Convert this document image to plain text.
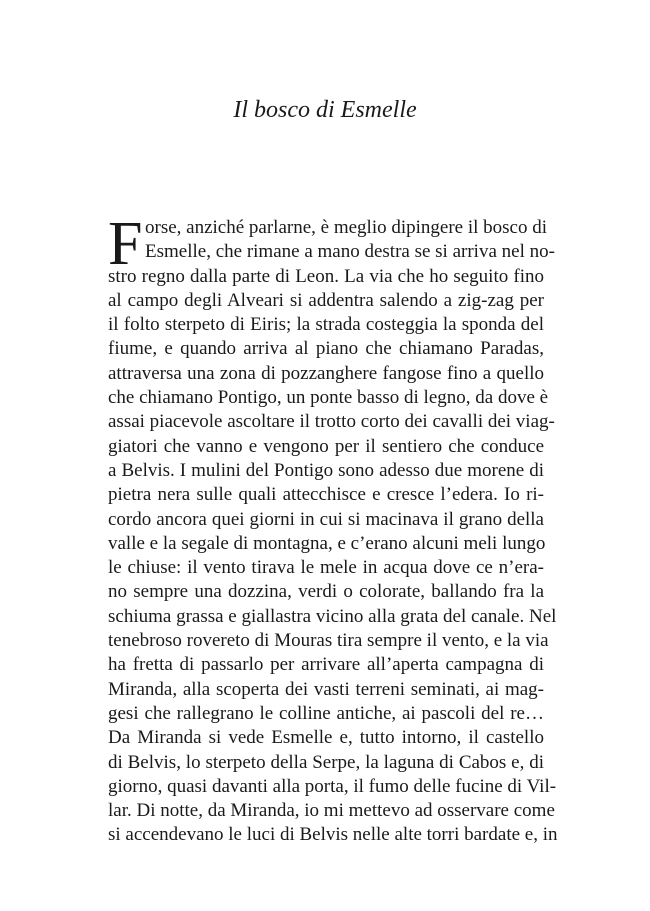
Il bosco di Esmelle
F orse, anziché parlarne, è meglio dipingere il bosco di
Esmelle, che rimane a mano destra se si arriva nel no-
stro regno dalla parte di Leon. La via che ho seguito fino
al campo degli Alveari si addentra salendo a zig-zag per
il folto sterpeto di Eiris; la strada costeggia la sponda del
fiume, e quando arriva al piano che chiamano Paradas,
attraversa una zona di pozzanghere fangose fino a quello
che chiamano Pontigo, un ponte basso di legno, da dove è
assai piacevole ascoltare il trotto corto dei cavalli dei viag-
giatori che vanno e vengono per il sentiero che conduce
a Belvis. I mulini del Pontigo sono adesso due morene di
pietra nera sulle quali attecchisce e cresce l’edera. Io ri-
cordo ancora quei giorni in cui si macinava il grano della
valle e la segale di montagna, e c’erano alcuni meli lungo
le chiuse: il vento tirava le mele in acqua dove ce n’era-
no sempre una dozzina, verdi o colorate, ballando fra la
schiuma grassa e giallastra vicino alla grata del canale. Nel
tenebroso rovereto di Mouras tira sempre il vento, e la via
ha fretta di passarlo per arrivare all’aperta campagna di
Miranda, alla scoperta dei vasti terreni seminati, ai mag-
gesi che rallegrano le colline antiche, ai pascoli del re…
Da Miranda si vede Esmelle e, tutto intorno, il castello
di Belvis, lo sterpeto della Serpe, la laguna di Cabos e, di
giorno, quasi davanti alla porta, il fumo delle fucine di Vil-
lar. Di notte, da Miranda, io mi mettevo ad osservare come
si accendevano le luci di Belvis nelle alte torri bardate e, in
